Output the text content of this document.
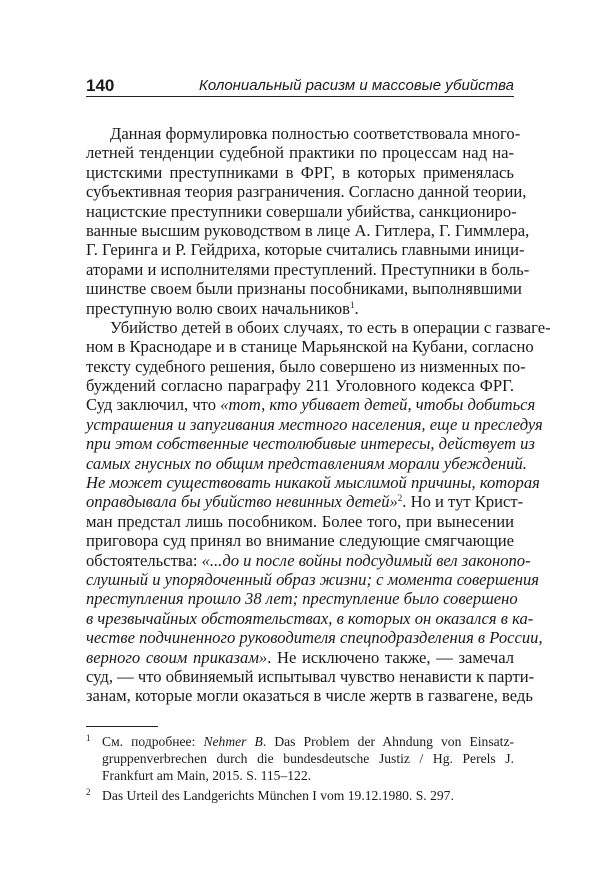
140	Колониальный расизм и массовые убийства
Данная формулировка полностью соответствовала много-
летней тенденции судебной практики по процессам над на-
цистскими преступниками в ФРГ, в которых применялась
субъективная теория разграничения. Согласно данной теории,
нацистские преступники совершали убийства, санкциониро-
ванные высшим руководством в лице А. Гитлера, Г. Гиммлера,
Г. Геринга и Р. Гейдриха, которые считались главными иници-
аторами и исполнителями преступлений. Преступники в боль-
шинстве своем были признаны пособниками, выполнявшими
преступную волю своих начальников$^1$.
Убийство детей в обоих случаях, то есть в операции с газваге-
ном в Краснодаре и в станице Марьянской на Кубани, согласно
тексту судебного решения, было совершено из низменных по-
буждений согласно параграфу 211 Уголовного кодекса ФРГ.
Суд заключил, что «тот, кто убивает детей, чтобы добиться
устрашения и запугивания местного населения, еще и преследуя
при этом собственные честолюбивые интересы, действует из
самых гнусных по общим представлениям морали убеждений.
Не может существовать никакой мыслимой причины, которая
оправдывала бы убийство невинных детей»$^2$. Но и тут Крист-
ман предстал лишь пособником. Более того, при вынесении
приговора суд принял во внимание следующие смягчающие
обстоятельства: «...до и после войны подсудимый вел законопо-
слушный и упорядоченный образ жизни; с момента совершения
преступления прошло 38 лет; преступление было совершено
в чрезвычайных обстоятельствах, в которых он оказался в ка-
честве подчиненного руководителя спецподразделения в России,
верного своим приказам». Не исключено также, — замечал
суд, — что обвиняемый испытывал чувство ненависти к парти-
занам, которые могли оказаться в числе жертв в газвагене, ведь
1 См. подробнее: Nehmer B. Das Problem der Ahndung von Einsatz-
gruppenverbrechen durch die bundesdeutsche Justiz / Hg. Perels J.
Frankfurt am Main, 2015. S. 115–122.
2 Das Urteil des Landgerichts München I vom 19.12.1980. S. 297.
